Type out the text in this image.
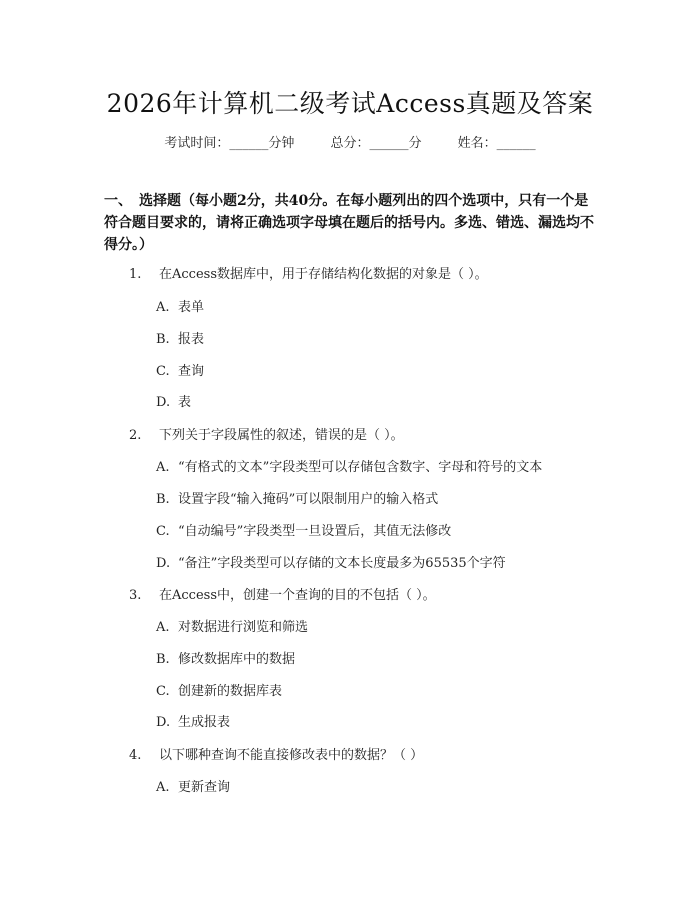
2026年计算机二级考试Access真题及答案
考试时间：______分钟	总分：______分	姓名：______
一、　选择题（每小题2分，共40分。在每小题列出的四个选项中，只有一个是符合题目要求的，请将正确选项字母填在题后的括号内。多选、错选、漏选均不得分。）
1. 在Access数据库中，用于存储结构化数据的对象是（ ）。
A. 表单
B. 报表
C. 查询
D. 表
2. 下列关于字段属性的叙述，错误的是（ ）。
A. “有格式的文本”字段类型可以存储包含数字、字母和符号的文本
B. 设置字段“输入掩码”可以限制用户的输入格式
C. “自动编号”字段类型一旦设置后，其值无法修改
D. “备注”字段类型可以存储的文本长度最多为65535个字符
3. 在Access中，创建一个查询的目的不包括（ ）。
A. 对数据进行浏览和筛选
B. 修改数据库中的数据
C. 创建新的数据库表
D. 生成报表
4. 以下哪种查询不能直接修改表中的数据？（ ）
A. 更新查询
